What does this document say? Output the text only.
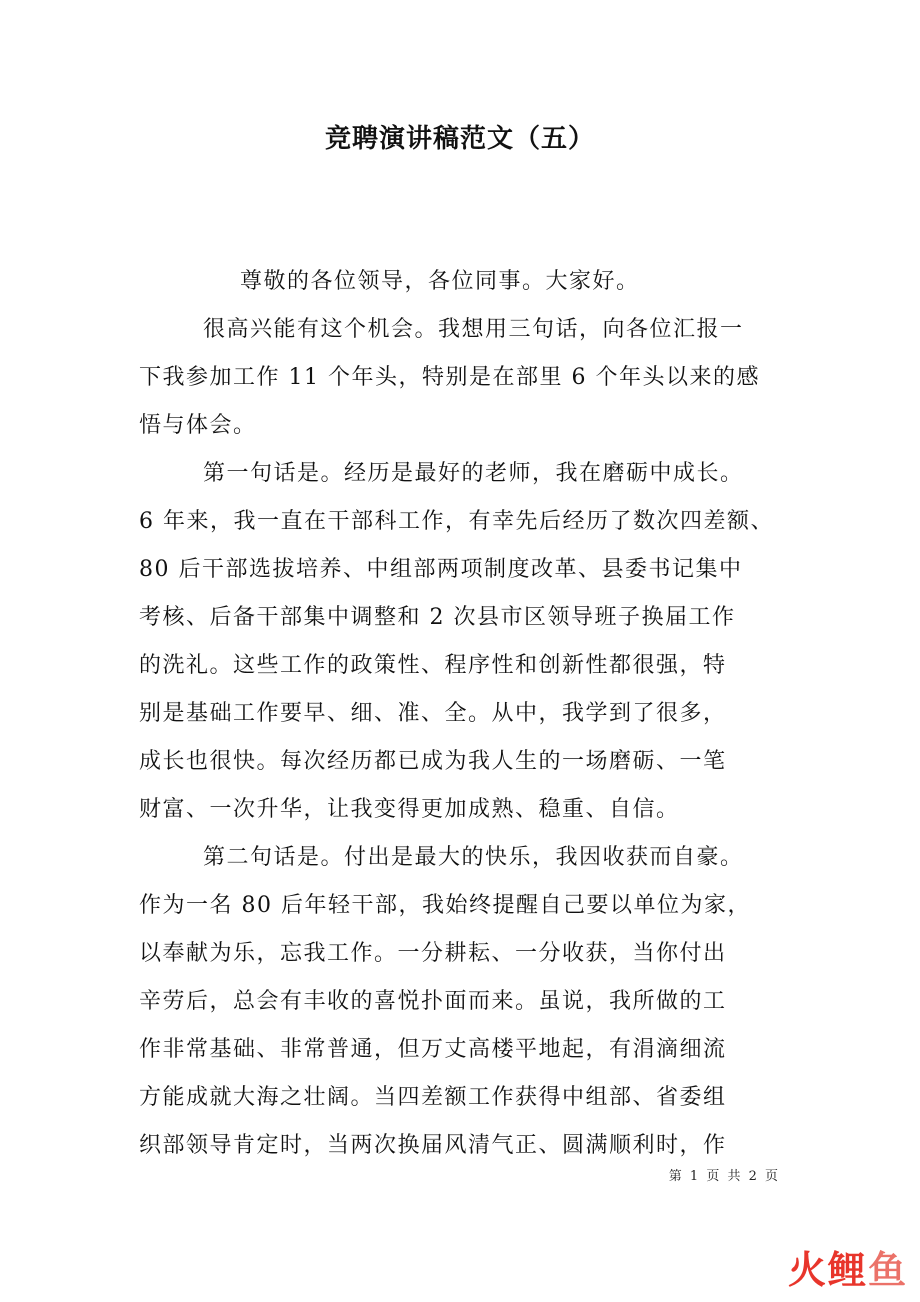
竞聘演讲稿范文（五）
尊敬的各位领导，各位同事。大家好。
很高兴能有这个机会。我想用三句话，向各位汇报一
下我参加工作 11 个年头，特别是在部里 6 个年头以来的感
悟与体会。
第一句话是。经历是最好的老师，我在磨砺中成长。
6 年来，我一直在干部科工作，有幸先后经历了数次四差额、
80 后干部选拔培养、中组部两项制度改革、县委书记集中
考核、后备干部集中调整和 2 次县市区领导班子换届工作
的洗礼。这些工作的政策性、程序性和创新性都很强，特
别是基础工作要早、细、准、全。从中，我学到了很多，
成长也很快。每次经历都已成为我人生的一场磨砺、一笔
财富、一次升华，让我变得更加成熟、稳重、自信。
第二句话是。付出是最大的快乐，我因收获而自豪。
作为一名 80 后年轻干部，我始终提醒自己要以单位为家，
以奉献为乐，忘我工作。一分耕耘、一分收获，当你付出
辛劳后，总会有丰收的喜悦扑面而来。虽说，我所做的工
作非常基础、非常普通，但万丈高楼平地起，有涓滴细流
方能成就大海之壮阔。当四差额工作获得中组部、省委组
织部领导肯定时，当两次换届风清气正、圆满顺利时，作
第 1 页 共 2 页
火 鲤 鱼
